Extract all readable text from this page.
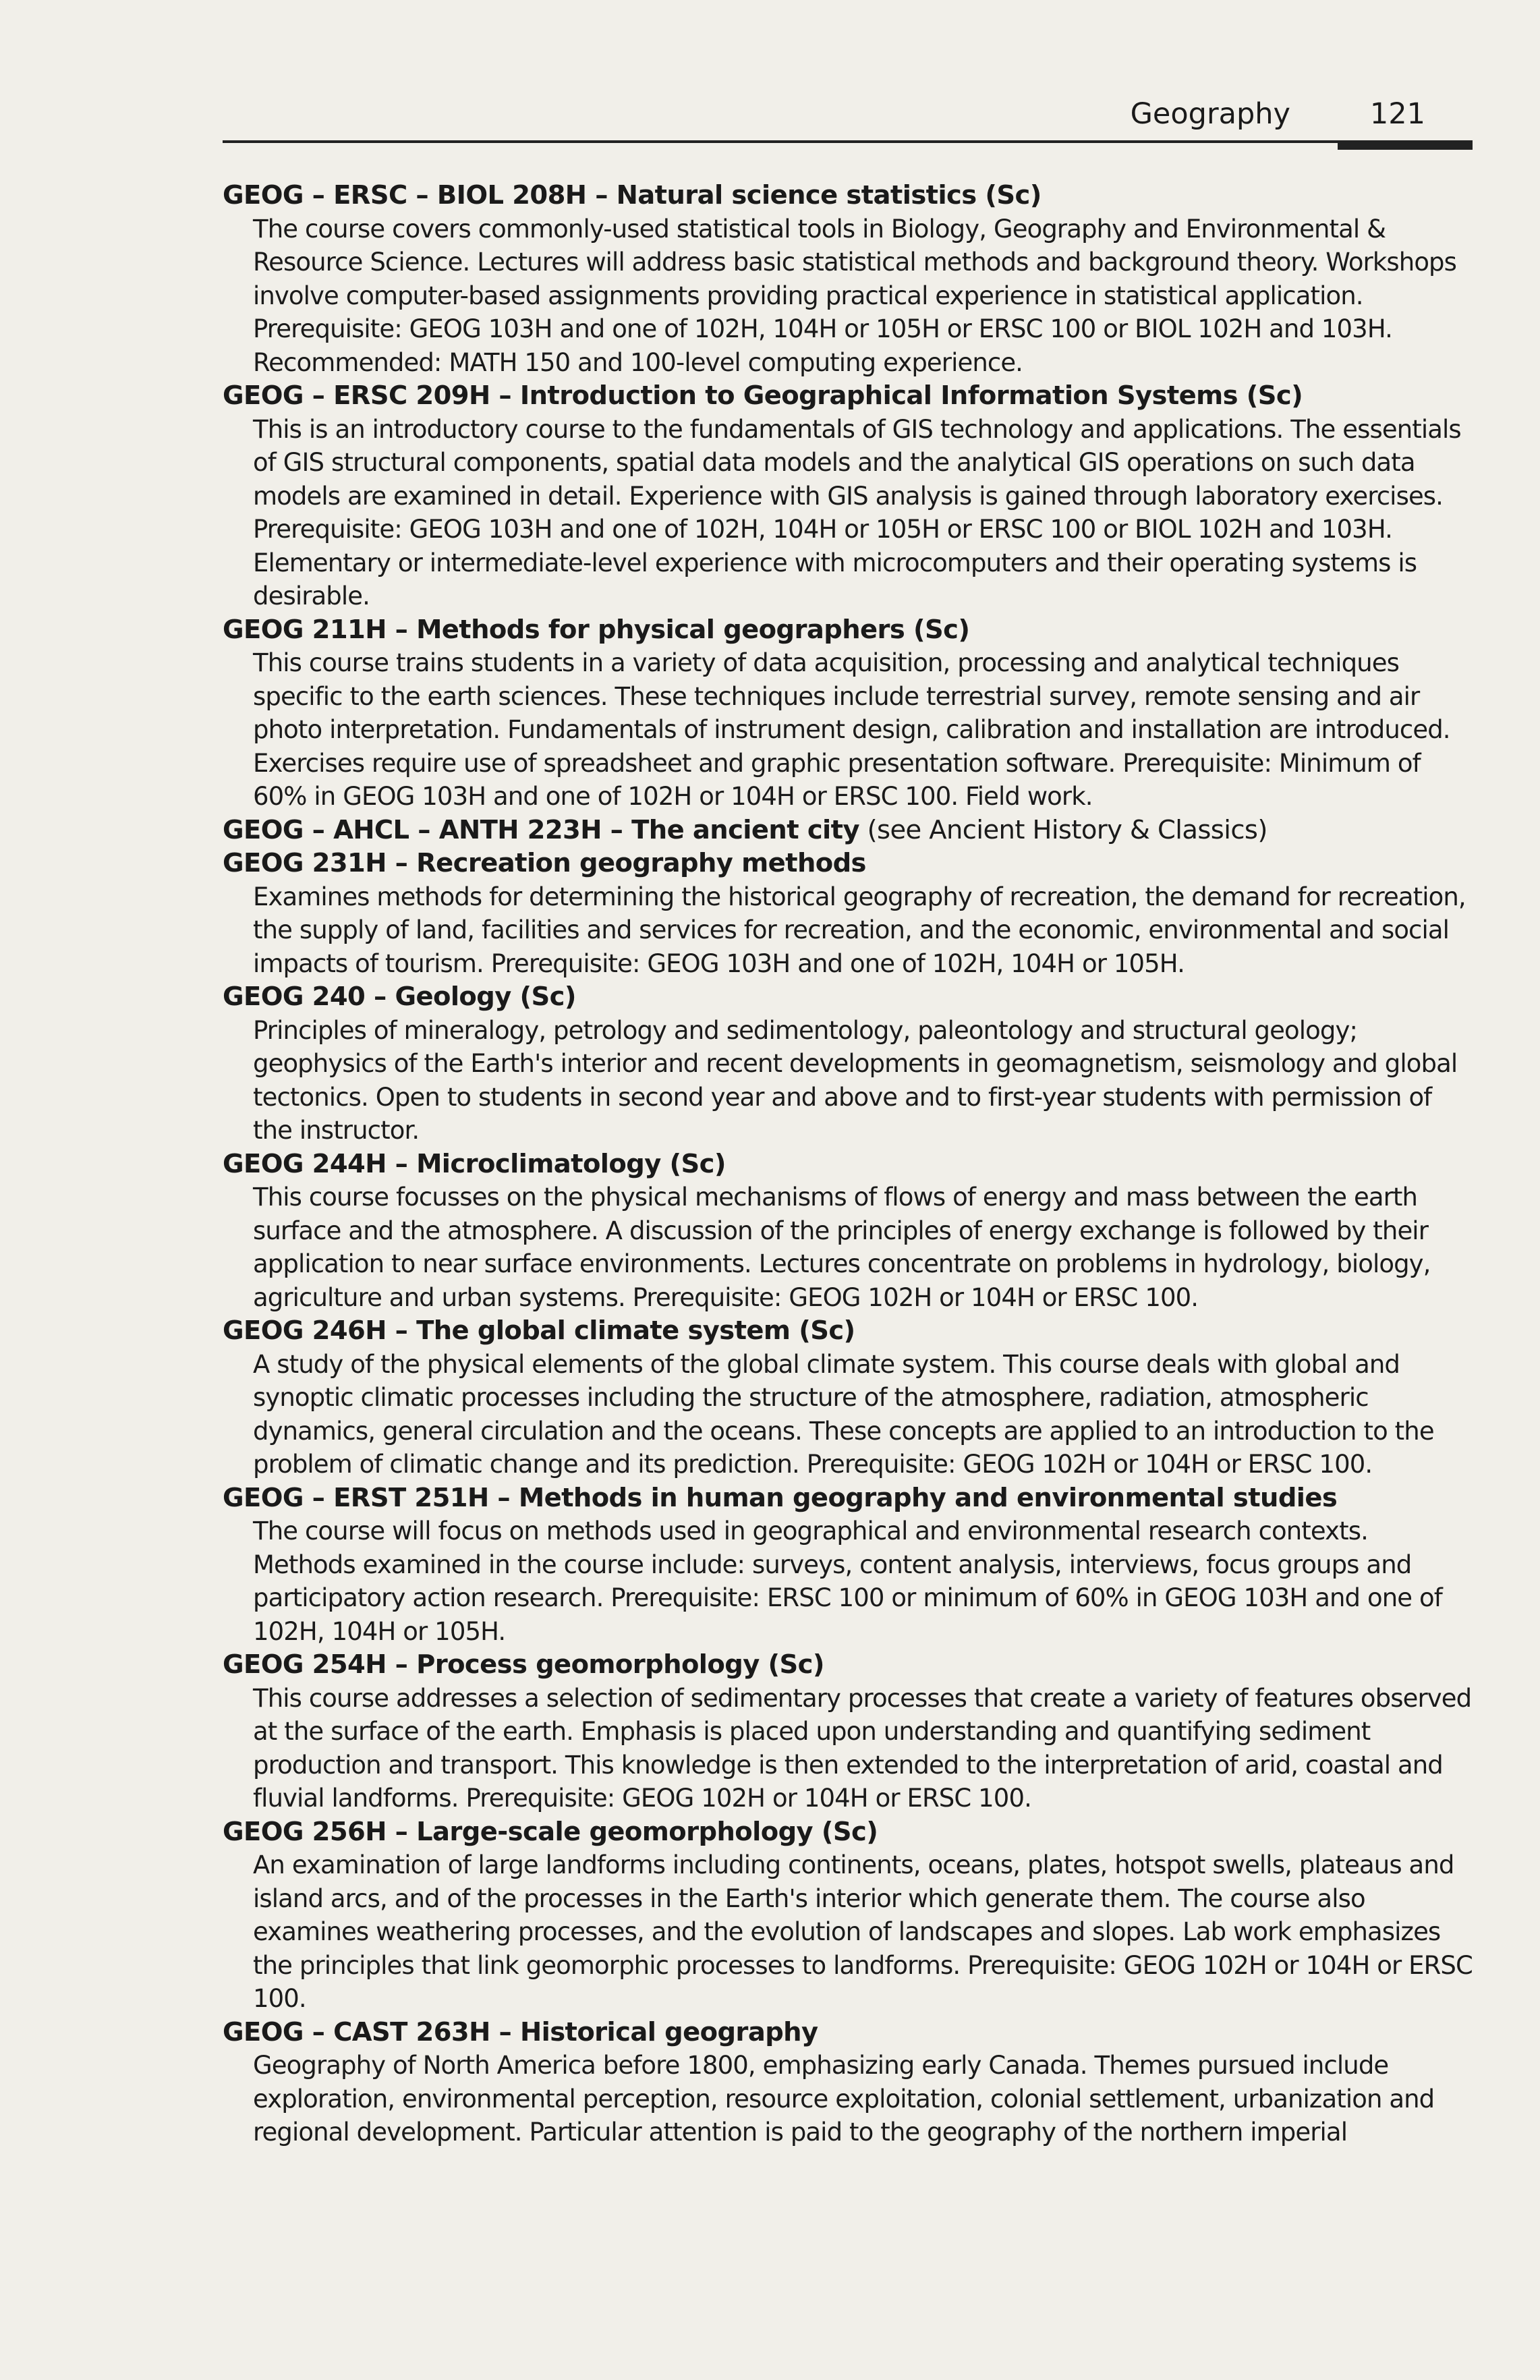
Geography	121
GEOG – ERSC – BIOL 208H – Natural science statistics (Sc)
The course covers commonly-used statistical tools in Biology, Geography and Environmental & Resource Science. Lectures will address basic statistical methods and background theory. Workshops involve computer-based assignments providing practical experience in statistical application. Prerequisite: GEOG 103H and one of 102H, 104H or 105H or ERSC 100 or BIOL 102H and 103H. Recommended: MATH 150 and 100-level computing experience.
GEOG – ERSC 209H – Introduction to Geographical Information Systems (Sc)
This is an introductory course to the fundamentals of GIS technology and applications. The essentials of GIS structural components, spatial data models and the analytical GIS operations on such data models are examined in detail. Experience with GIS analysis is gained through laboratory exercises. Prerequisite: GEOG 103H and one of 102H, 104H or 105H or ERSC 100 or BIOL 102H and 103H. Elementary or intermediate-level experience with microcomputers and their operating systems is desirable.
GEOG 211H – Methods for physical geographers (Sc)
This course trains students in a variety of data acquisition, processing and analytical techniques specific to the earth sciences. These techniques include terrestrial survey, remote sensing and air photo interpretation. Fundamentals of instrument design, calibration and installation are introduced. Exercises require use of spreadsheet and graphic presentation software. Prerequisite: Minimum of 60% in GEOG 103H and one of 102H or 104H or ERSC 100. Field work.
GEOG – AHCL – ANTH 223H – The ancient city (see Ancient History & Classics)
GEOG 231H – Recreation geography methods
Examines methods for determining the historical geography of recreation, the demand for recreation, the supply of land, facilities and services for recreation, and the economic, environmental and social impacts of tourism. Prerequisite: GEOG 103H and one of 102H, 104H or 105H.
GEOG 240 – Geology (Sc)
Principles of mineralogy, petrology and sedimentology, paleontology and structural geology; geophysics of the Earth's interior and recent developments in geomagnetism, seismology and global tectonics. Open to students in second year and above and to first-year students with permission of the instructor.
GEOG 244H – Microclimatology (Sc)
This course focusses on the physical mechanisms of flows of energy and mass between the earth surface and the atmosphere. A discussion of the principles of energy exchange is followed by their application to near surface environments. Lectures concentrate on problems in hydrology, biology, agriculture and urban systems. Prerequisite: GEOG 102H or 104H or ERSC 100.
GEOG 246H – The global climate system (Sc)
A study of the physical elements of the global climate system. This course deals with global and synoptic climatic processes including the structure of the atmosphere, radiation, atmospheric dynamics, general circulation and the oceans. These concepts are applied to an introduction to the problem of climatic change and its prediction. Prerequisite: GEOG 102H or 104H or ERSC 100.
GEOG – ERST 251H – Methods in human geography and environmental studies
The course will focus on methods used in geographical and environmental research contexts. Methods examined in the course include: surveys, content analysis, interviews, focus groups and participatory action research. Prerequisite: ERSC 100 or minimum of 60% in GEOG 103H and one of 102H, 104H or 105H.
GEOG 254H – Process geomorphology (Sc)
This course addresses a selection of sedimentary processes that create a variety of features observed at the surface of the earth. Emphasis is placed upon understanding and quantifying sediment production and transport. This knowledge is then extended to the interpretation of arid, coastal and fluvial landforms. Prerequisite: GEOG 102H or 104H or ERSC 100.
GEOG 256H – Large-scale geomorphology (Sc)
An examination of large landforms including continents, oceans, plates, hotspot swells, plateaus and island arcs, and of the processes in the Earth's interior which generate them. The course also examines weathering processes, and the evolution of landscapes and slopes. Lab work emphasizes the principles that link geomorphic processes to landforms. Prerequisite: GEOG 102H or 104H or ERSC 100.
GEOG – CAST 263H – Historical geography
Geography of North America before 1800, emphasizing early Canada. Themes pursued include exploration, environmental perception, resource exploitation, colonial settlement, urbanization and regional development. Particular attention is paid to the geography of the northern imperial
